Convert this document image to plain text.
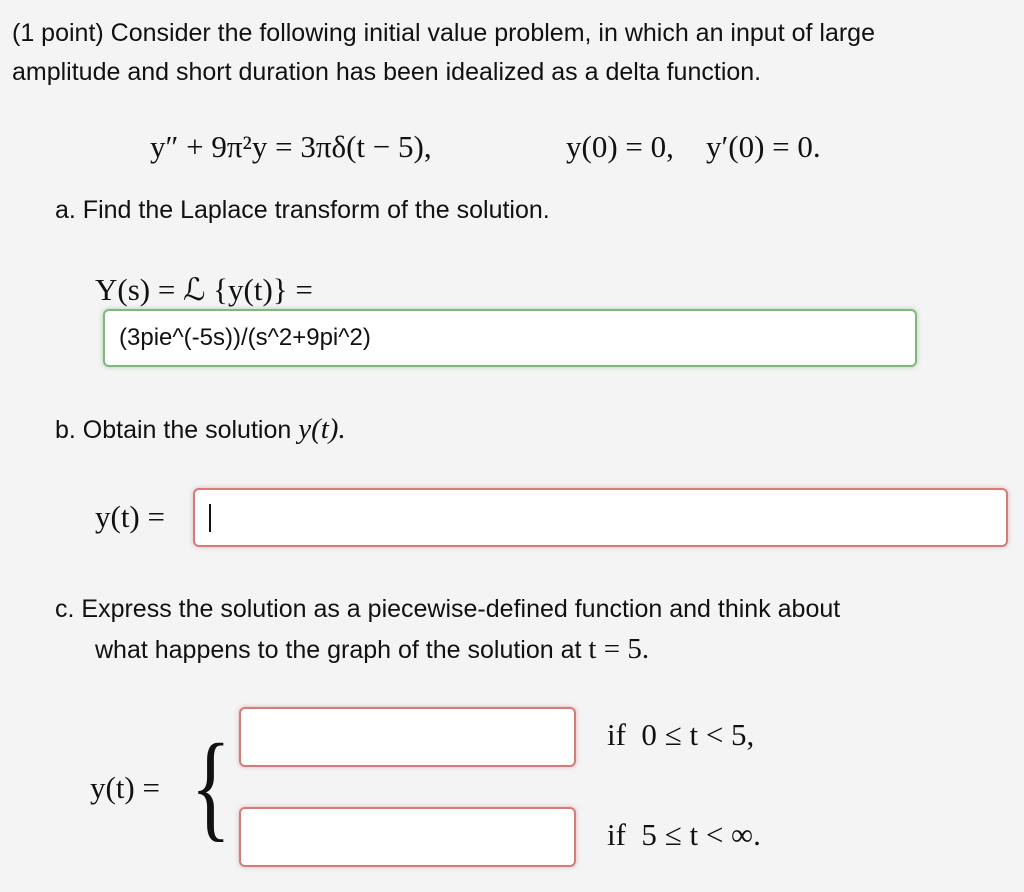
(1 point) Consider the following initial value problem, in which an input of large
amplitude and short duration has been idealized as a delta function.
y″ + 9π²y = 3πδ(t − 5),	y(0) = 0, y′(0) = 0.
a. Find the Laplace transform of the solution.
Y(s) = ℒ {y(t)} =
(3pie^(-5s))/(s^2+9pi^2)
b. Obtain the solution y(t).
y(t) =
c. Express the solution as a piecewise-defined function and think about
what happens to the graph of the solution at t = 5.
y(t) = {	if  0 ≤ t < 5,
if  5 ≤ t < ∞.
